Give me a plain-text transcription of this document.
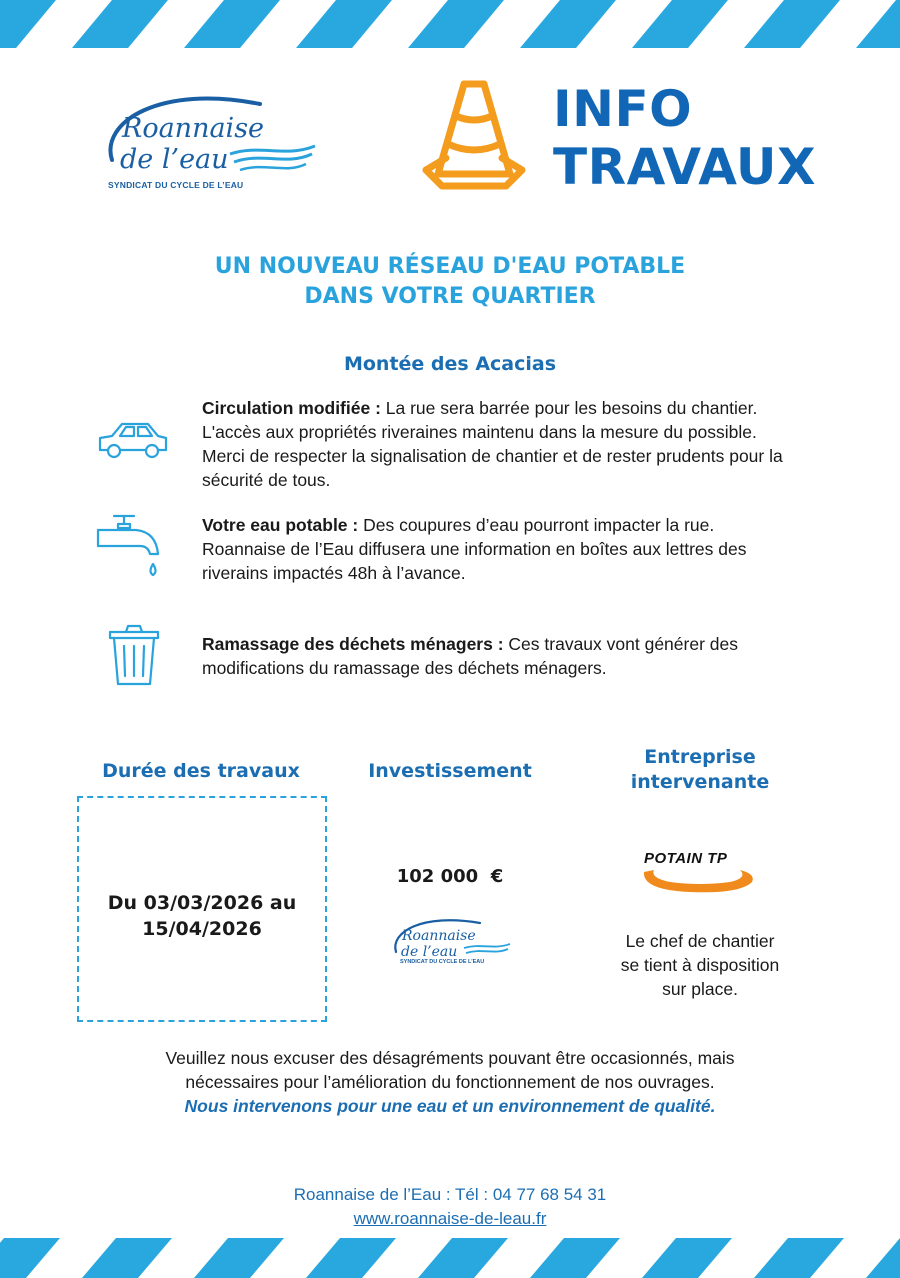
Roannaise
de l’eau
SYNDICAT DU CYCLE DE L’EAU
INFO
TRAVAUX
UN NOUVEAU RÉSEAU D'EAU POTABLE
DANS VOTRE QUARTIER
Montée des Acacias
Circulation modifiée : La rue sera barrée pour les besoins du chantier. L'accès aux propriétés riveraines maintenu dans la mesure du possible. Merci de respecter la signalisation de chantier et de rester prudents pour la sécurité de tous.
Votre eau potable : Des coupures d’eau pourront impacter la rue. Roannaise de l’Eau diffusera une information en boîtes aux lettres des riverains impactés 48h à l’avance.
Ramassage des déchets ménagers : Ces travaux vont générer des modifications du ramassage des déchets ménagers.
Durée des travaux	Investissement
Entreprise
intervenante
Du 03/03/2026 au
15/04/2026
102 000  €
Roannaise
de l’eau
SYNDICAT DU CYCLE DE L’EAU
POTAIN TP
Le chef de chantier
se tient à disposition
sur place.
Veuillez nous excuser des désagréments pouvant être occasionnés, mais
nécessaires pour l’amélioration du fonctionnement de nos ouvrages.
Nous intervenons pour une eau et un environnement de qualité.
Roannaise de l’Eau : Tél : 04 77 68 54 31
www.roannaise-de-leau.fr
